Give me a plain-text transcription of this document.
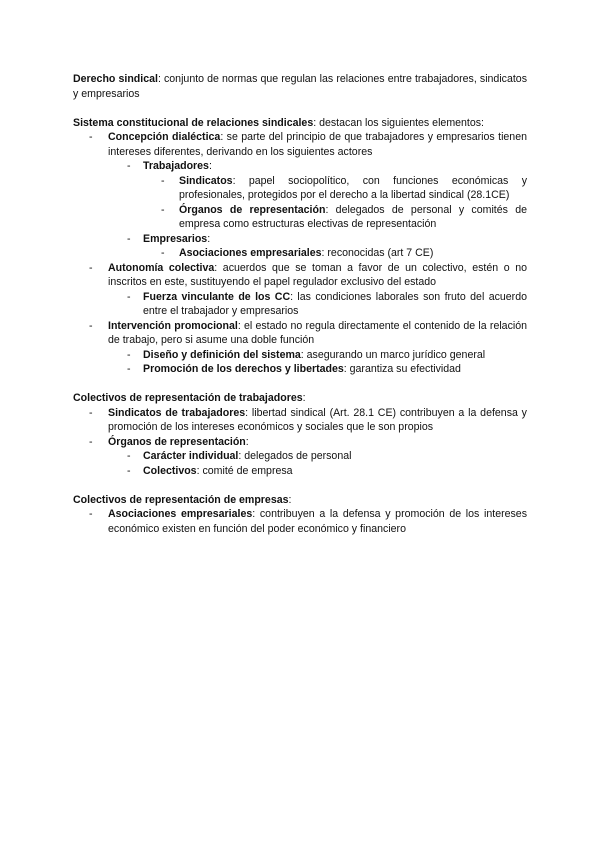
Derecho sindical: conjunto de normas que regulan las relaciones entre trabajadores, sindicatos y empresarios

Sistema constitucional de relaciones sindicales: destacan los siguientes elementos:

- Concepción dialéctica: se parte del principio de que trabajadores y empresarios tienen intereses diferentes, derivando en los siguientes actores
- Trabajadores:
- Sindicatos: papel sociopolítico, con funciones económicas y profesionales, protegidos por el derecho a la libertad sindical (28.1CE)
- Órganos de representación: delegados de personal y comités de empresa como estructuras electivas de representación
- Empresarios:
- Asociaciones empresariales: reconocidas (art 7 CE)
- Autonomía colectiva: acuerdos que se toman a favor de un colectivo, estén o no inscritos en este, sustituyendo el papel regulador exclusivo del estado
- Fuerza vinculante de los CC: las condiciones laborales son fruto del acuerdo entre el trabajador y empresarios
- Intervención promocional: el estado no regula directamente el contenido de la relación de trabajo, pero si asume una doble función
- Diseño y definición del sistema: asegurando un marco jurídico general
- Promoción de los derechos y libertades: garantiza su efectividad

Colectivos de representación de trabajadores:

- Sindicatos de trabajadores: libertad sindical (Art. 28.1 CE) contribuyen a la defensa y promoción de los intereses económicos y sociales que le son propios
- Órganos de representación:
- Carácter individual: delegados de personal
- Colectivos: comité de empresa

Colectivos de representación de empresas:

- Asociaciones empresariales: contribuyen a la defensa y promoción de los intereses económico existen en función del poder económico y financiero
